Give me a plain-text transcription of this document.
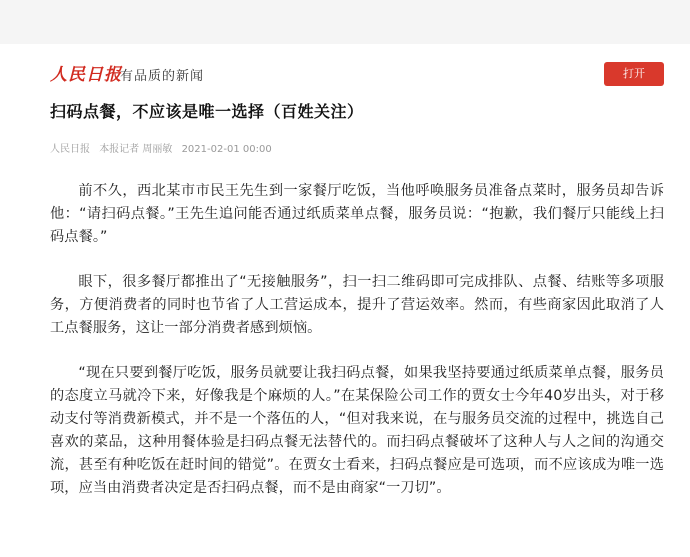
人民日报
有品质的新闻	打开
扫码点餐，不应该是唯一选择（百姓关注）
人民日报 本报记者 周丽敏 2021-02-01 00:00

前不久，西北某市市民王先生到一家餐厅吃饭，当他呼唤服务员准备点菜时，服务员却告诉他：“请扫码点餐。”王先生追问能否通过纸质菜单点餐，服务员说：“抱歉，我们餐厅只能线上扫码点餐。”

眼下，很多餐厅都推出了“无接触服务”，扫一扫二维码即可完成排队、点餐、结账等多项服务，方便消费者的同时也节省了人工营运成本，提升了营运效率。然而，有些商家因此取消了人工点餐服务，这让一部分消费者感到烦恼。

“现在只要到餐厅吃饭，服务员就要让我扫码点餐，如果我坚持要通过纸质菜单点餐，服务员的态度立马就冷下来，好像我是个麻烦的人。”在某保险公司工作的贾女士今年40岁出头，对于移动支付等消费新模式，并不是一个落伍的人，“但对我来说，在与服务员交流的过程中，挑选自己喜欢的菜品，这种用餐体验是扫码点餐无法替代的。而扫码点餐破坏了这种人与人之间的沟通交流，甚至有种吃饭在赶时间的错觉”。在贾女士看来，扫码点餐应是可选项，而不应该成为唯一选项，应当由消费者决定是否扫码点餐，而不是由商家“一刀切”。
